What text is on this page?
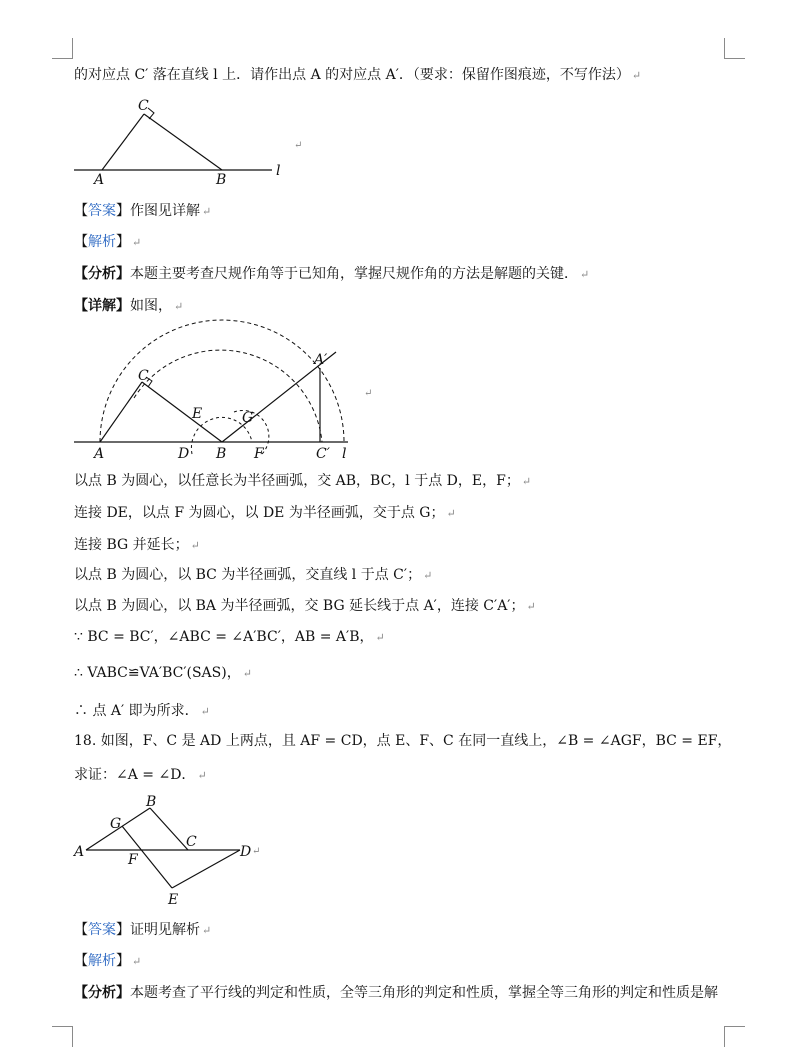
的对应点 C′ 落在直线 l 上．请作出点 A 的对应点 A′．（要求：保留作图痕迹，不写作法） ↵
C
A	B
l
↵
【答案】作图见详解 ↵
【解析】 ↵
【分析】本题主要考查尺规作角等于已知角，掌握尺规作角的方法是解题的关键． ↵
【详解】如图， ↵
C
A	D
E
B
G
F	C′ l
A′
↵
以点 B 为圆心，以任意长为半径画弧，交 AB，BC，l 于点 D，E，F； ↵
连接 DE，以点 F 为圆心，以 DE 为半径画弧，交于点 G； ↵
连接 BG 并延长； ↵
以点 B 为圆心，以 BC 为半径画弧，交直线 l 于点 C′； ↵
以点 B 为圆心，以 BA 为半径画弧，交 BG 延长线于点 A′，连接 C′A′； ↵
∵ BC = BC′，∠ABC = ∠A′BC′，AB = A′B， ↵
∴ VABC≌VA′BC′(SAS)， ↵
∴ 点 A′ 即为所求． ↵
18. 如图，F、C 是 AD 上两点，且 AF = CD，点 E、F、C 在同一直线上，∠B = ∠AGF，BC = EF，
求证：∠A = ∠D． ↵
B
G
A
C
F	D
E
↵
【答案】证明见解析 ↵
【解析】 ↵
【分析】本题考查了平行线的判定和性质，全等三角形的判定和性质，掌握全等三角形的判定和性质是解
